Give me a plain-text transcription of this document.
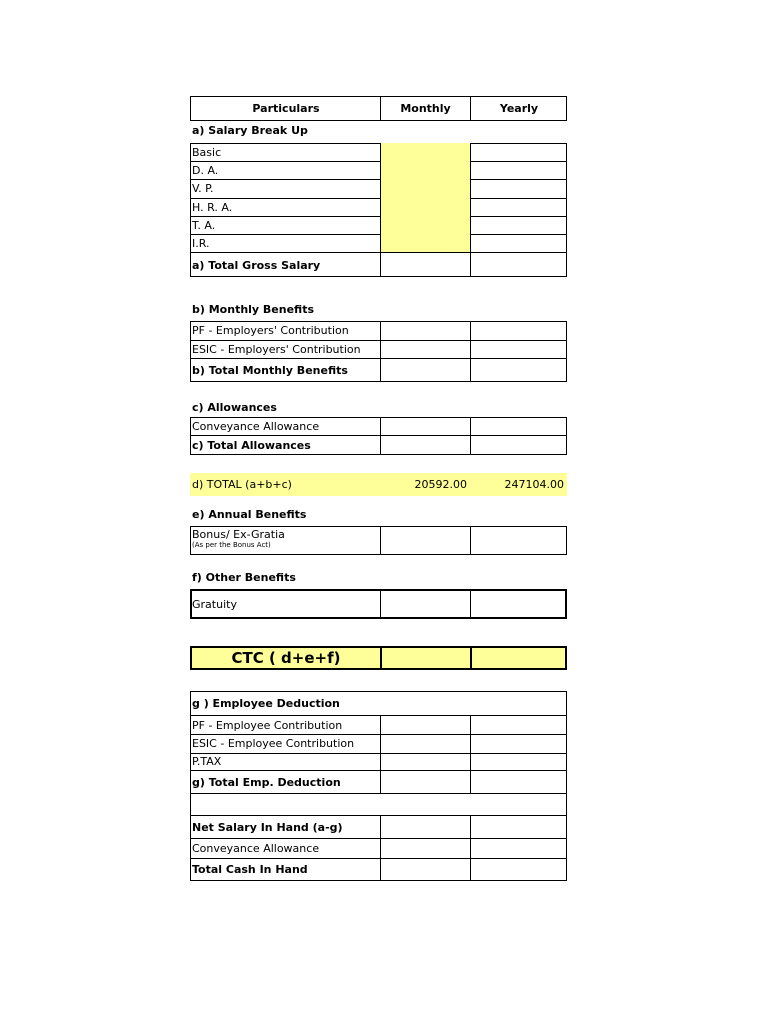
Particulars	Monthly	Yearly
a) Salary Break Up
Basic
D. A.
V. P.
H. R. A.
T. A.
I.R.
a) Total Gross Salary
b) Monthly Benefits
PF - Employers' Contribution
ESIC - Employers' Contribution
b) Total Monthly Benefits
c) Allowances
Conveyance Allowance
c) Total Allowances
d) TOTAL (a+b+c)	20592.00	247104.00
e) Annual Benefits
Bonus/ Ex-Gratia
(As per the Bonus Act)
f) Other Benefits
Gratuity
CTC ( d+e+f)
g ) Employee Deduction
PF - Employee Contribution
ESIC - Employee Contribution
P.TAX
g) Total Emp. Deduction
Net Salary In Hand (a-g)
Conveyance Allowance
Total Cash In Hand
